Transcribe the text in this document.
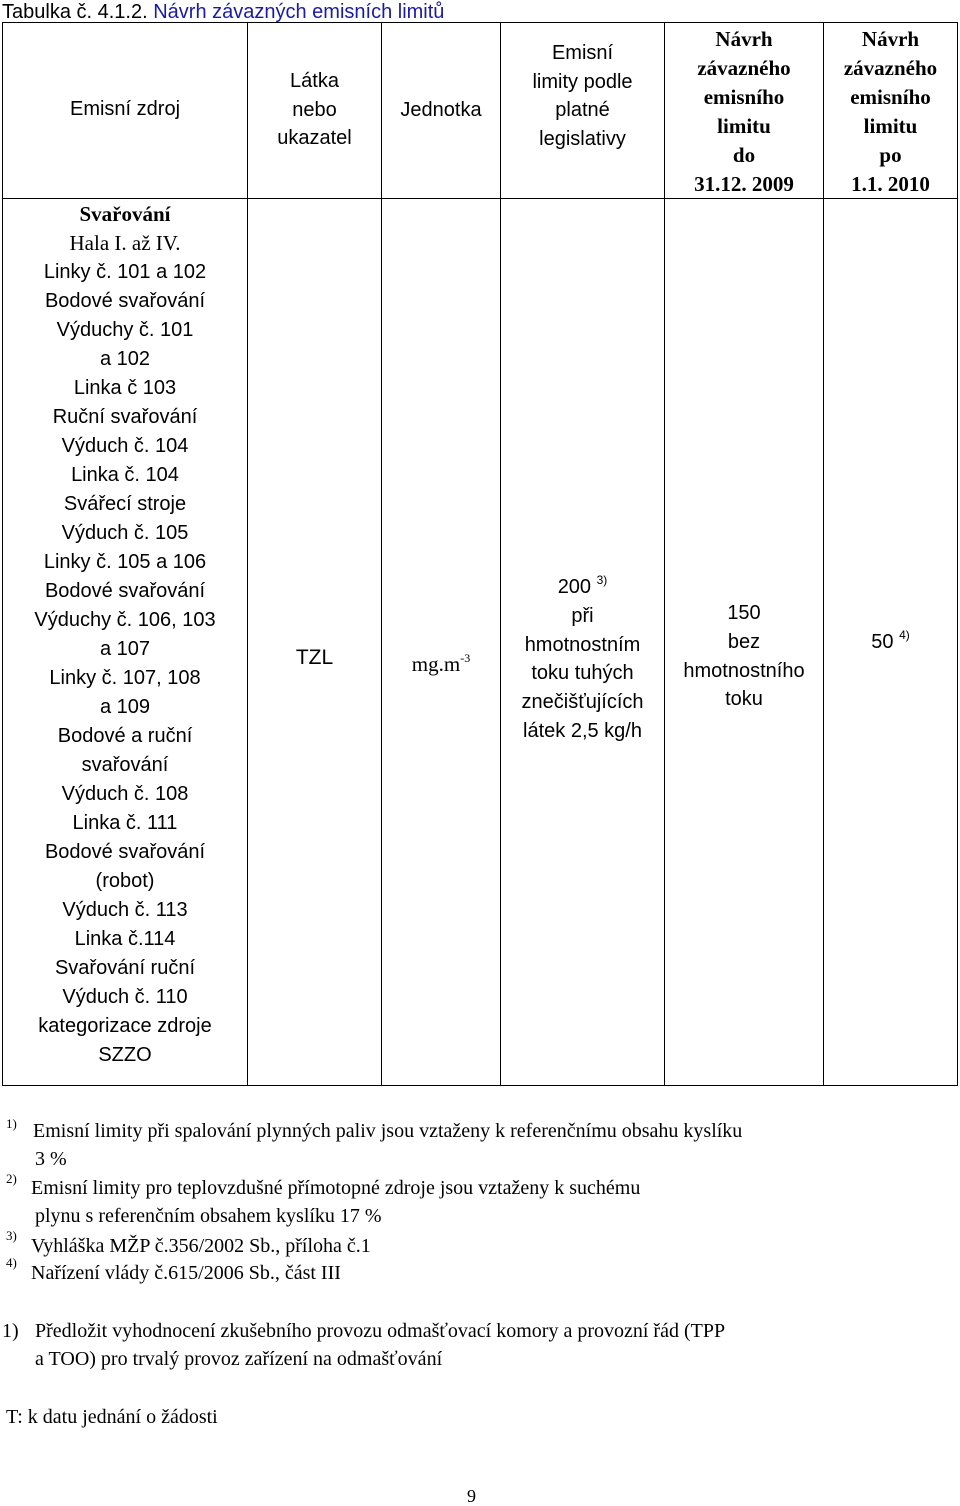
Tabulka č. 4.1.2. Návrh závazných emisních limitů
Emisní zdroj
Látka
nebo
ukazatel
Jednotka
Emisní
limity podle
platné
legislativy
Návrh
závazného
emisního
limitu
do
31.12. 2009
Návrh
závazného
emisního
limitu
po
1.1. 2010
Svařování
Hala I. až IV.
Linky č. 101 a 102
Bodové svařování
Výduchy č. 101
a 102
Linka č 103
Ruční svařování
Výduch č. 104
Linka č. 104
Svářecí stroje
Výduch č. 105
Linky č. 105 a 106
Bodové svařování
Výduchy č. 106, 103
a 107
Linky č. 107, 108
a 109
Bodové a ruční
svařování
Výduch č. 108
Linka č. 111
Bodové svařování
(robot)
Výduch č. 113
Linka č.114
Svařování ruční
Výduch č. 110
kategorizace zdroje
SZZO
TZL	$mg.m^{-3}$
200 $^{3)}$
při
hmotnostním
toku tuhých
znečišťujících
látek 2,5 kg/h
150
bez
hmotnostního
toku
50 $^{4)}$
1) Emisní limity při spalování plynných paliv jsou vztaženy k referenčnímu obsahu kyslíku
3 %
2) Emisní limity pro teplovzdušné přímotopné zdroje jsou vztaženy k suchému
plynu s referenčním obsahem kyslíku 17 %
3) Vyhláška MŽP č.356/2002 Sb., příloha č.1
4) Nařízení vlády č.615/2006 Sb., část III
1) Předložit vyhodnocení zkušebního provozu odmašťovací komory a provozní řád (TPP
a TOO) pro trvalý provoz zařízení na odmašťování
T: k datu jednání o žádosti
9
